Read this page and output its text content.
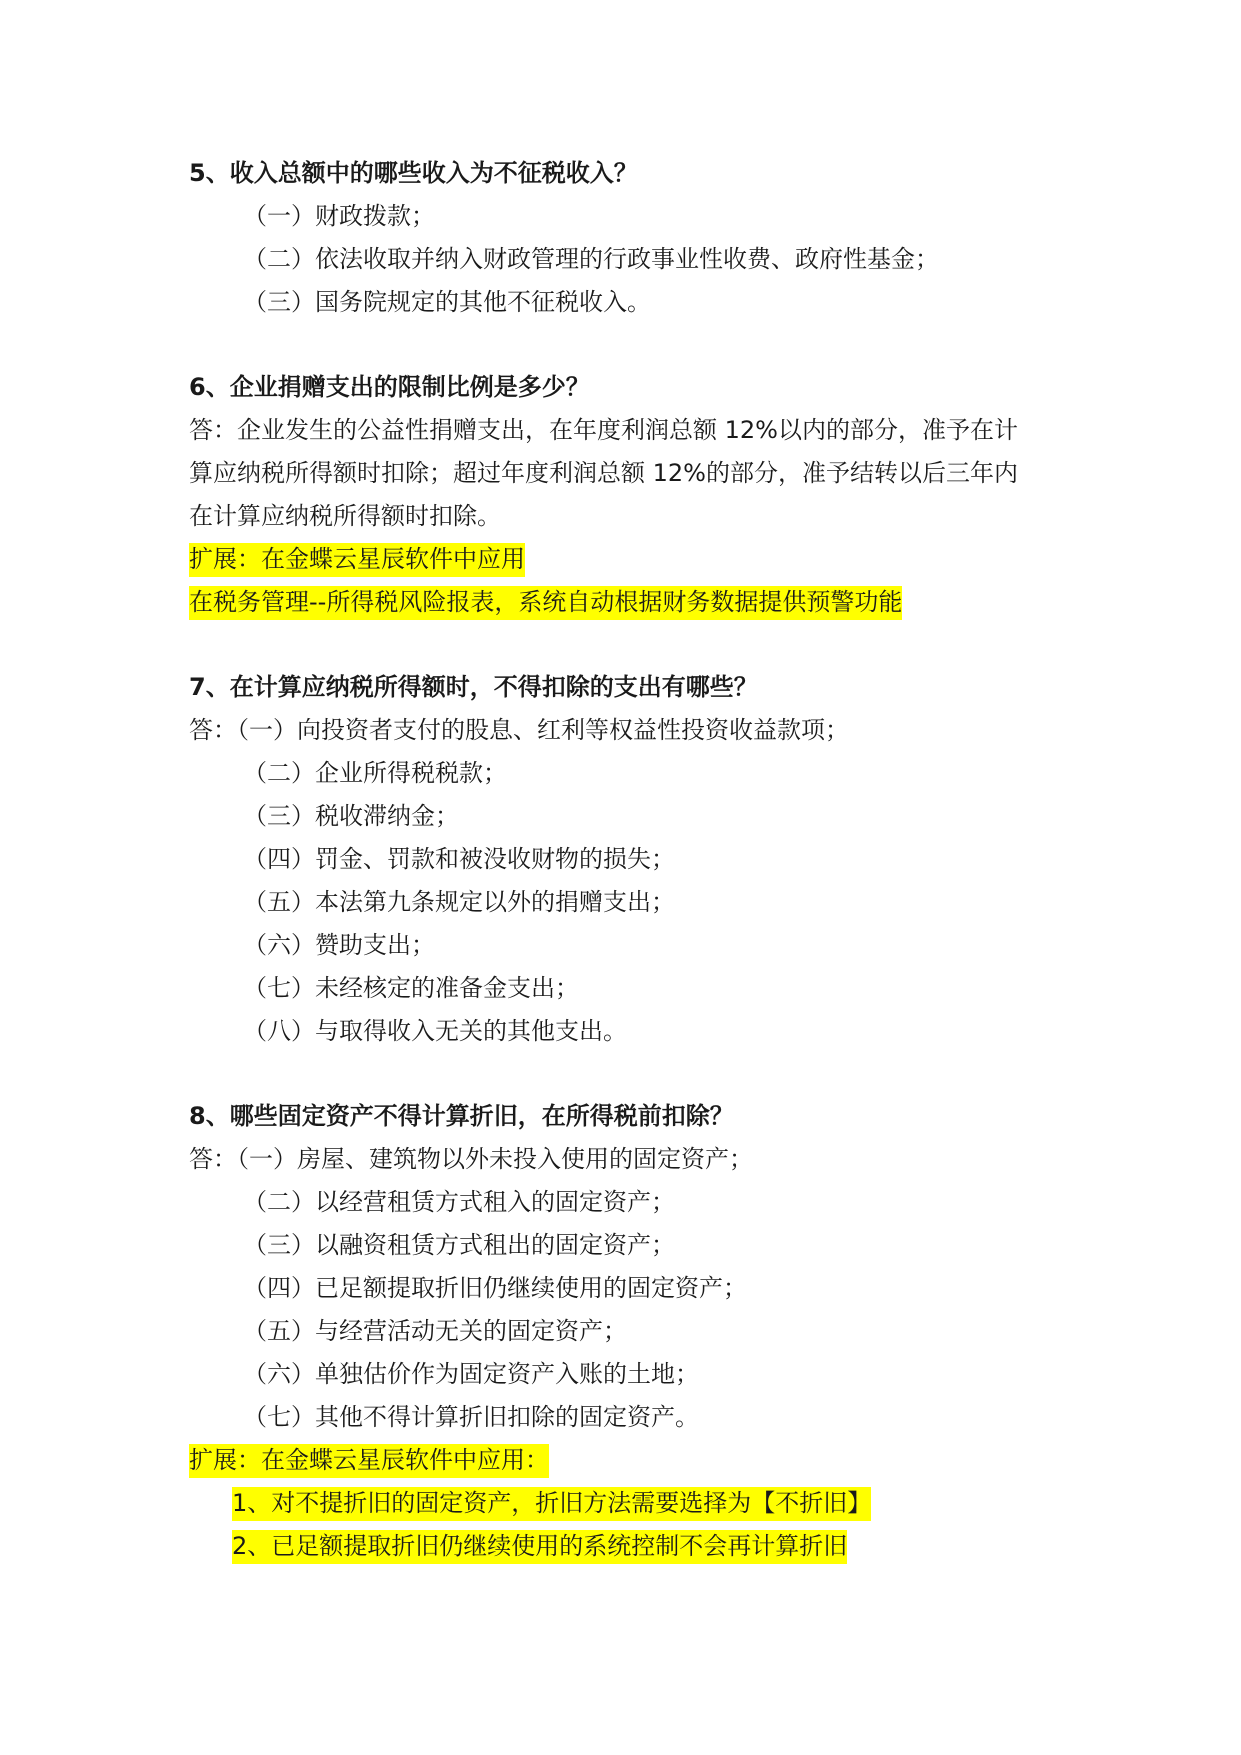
5、收入总额中的哪些收入为不征税收入？
（一）财政拨款；
（二）依法收取并纳入财政管理的行政事业性收费、政府性基金；
（三）国务院规定的其他不征税收入。
6、企业捐赠支出的限制比例是多少？
答：企业发生的公益性捐赠支出，在年度利润总额 12%以内的部分，准予在计
算应纳税所得额时扣除；超过年度利润总额 12%的部分，准予结转以后三年内
在计算应纳税所得额时扣除。
扩展：在金蝶云星辰软件中应用
在税务管理--所得税风险报表，系统自动根据财务数据提供预警功能
7、在计算应纳税所得额时，不得扣除的支出有哪些？
答：（一）向投资者支付的股息、红利等权益性投资收益款项；
（二）企业所得税税款；
（三）税收滞纳金；
（四）罚金、罚款和被没收财物的损失；
（五）本法第九条规定以外的捐赠支出；
（六）赞助支出；
（七）未经核定的准备金支出；
（八）与取得收入无关的其他支出。
8、哪些固定资产不得计算折旧，在所得税前扣除？
答：（一）房屋、建筑物以外未投入使用的固定资产；
（二）以经营租赁方式租入的固定资产；
（三）以融资租赁方式租出的固定资产；
（四）已足额提取折旧仍继续使用的固定资产；
（五）与经营活动无关的固定资产；
（六）单独估价作为固定资产入账的土地；
（七）其他不得计算折旧扣除的固定资产。
扩展：在金蝶云星辰软件中应用：
1、对不提折旧的固定资产，折旧方法需要选择为【不折旧】
2、已足额提取折旧仍继续使用的系统控制不会再计算折旧
